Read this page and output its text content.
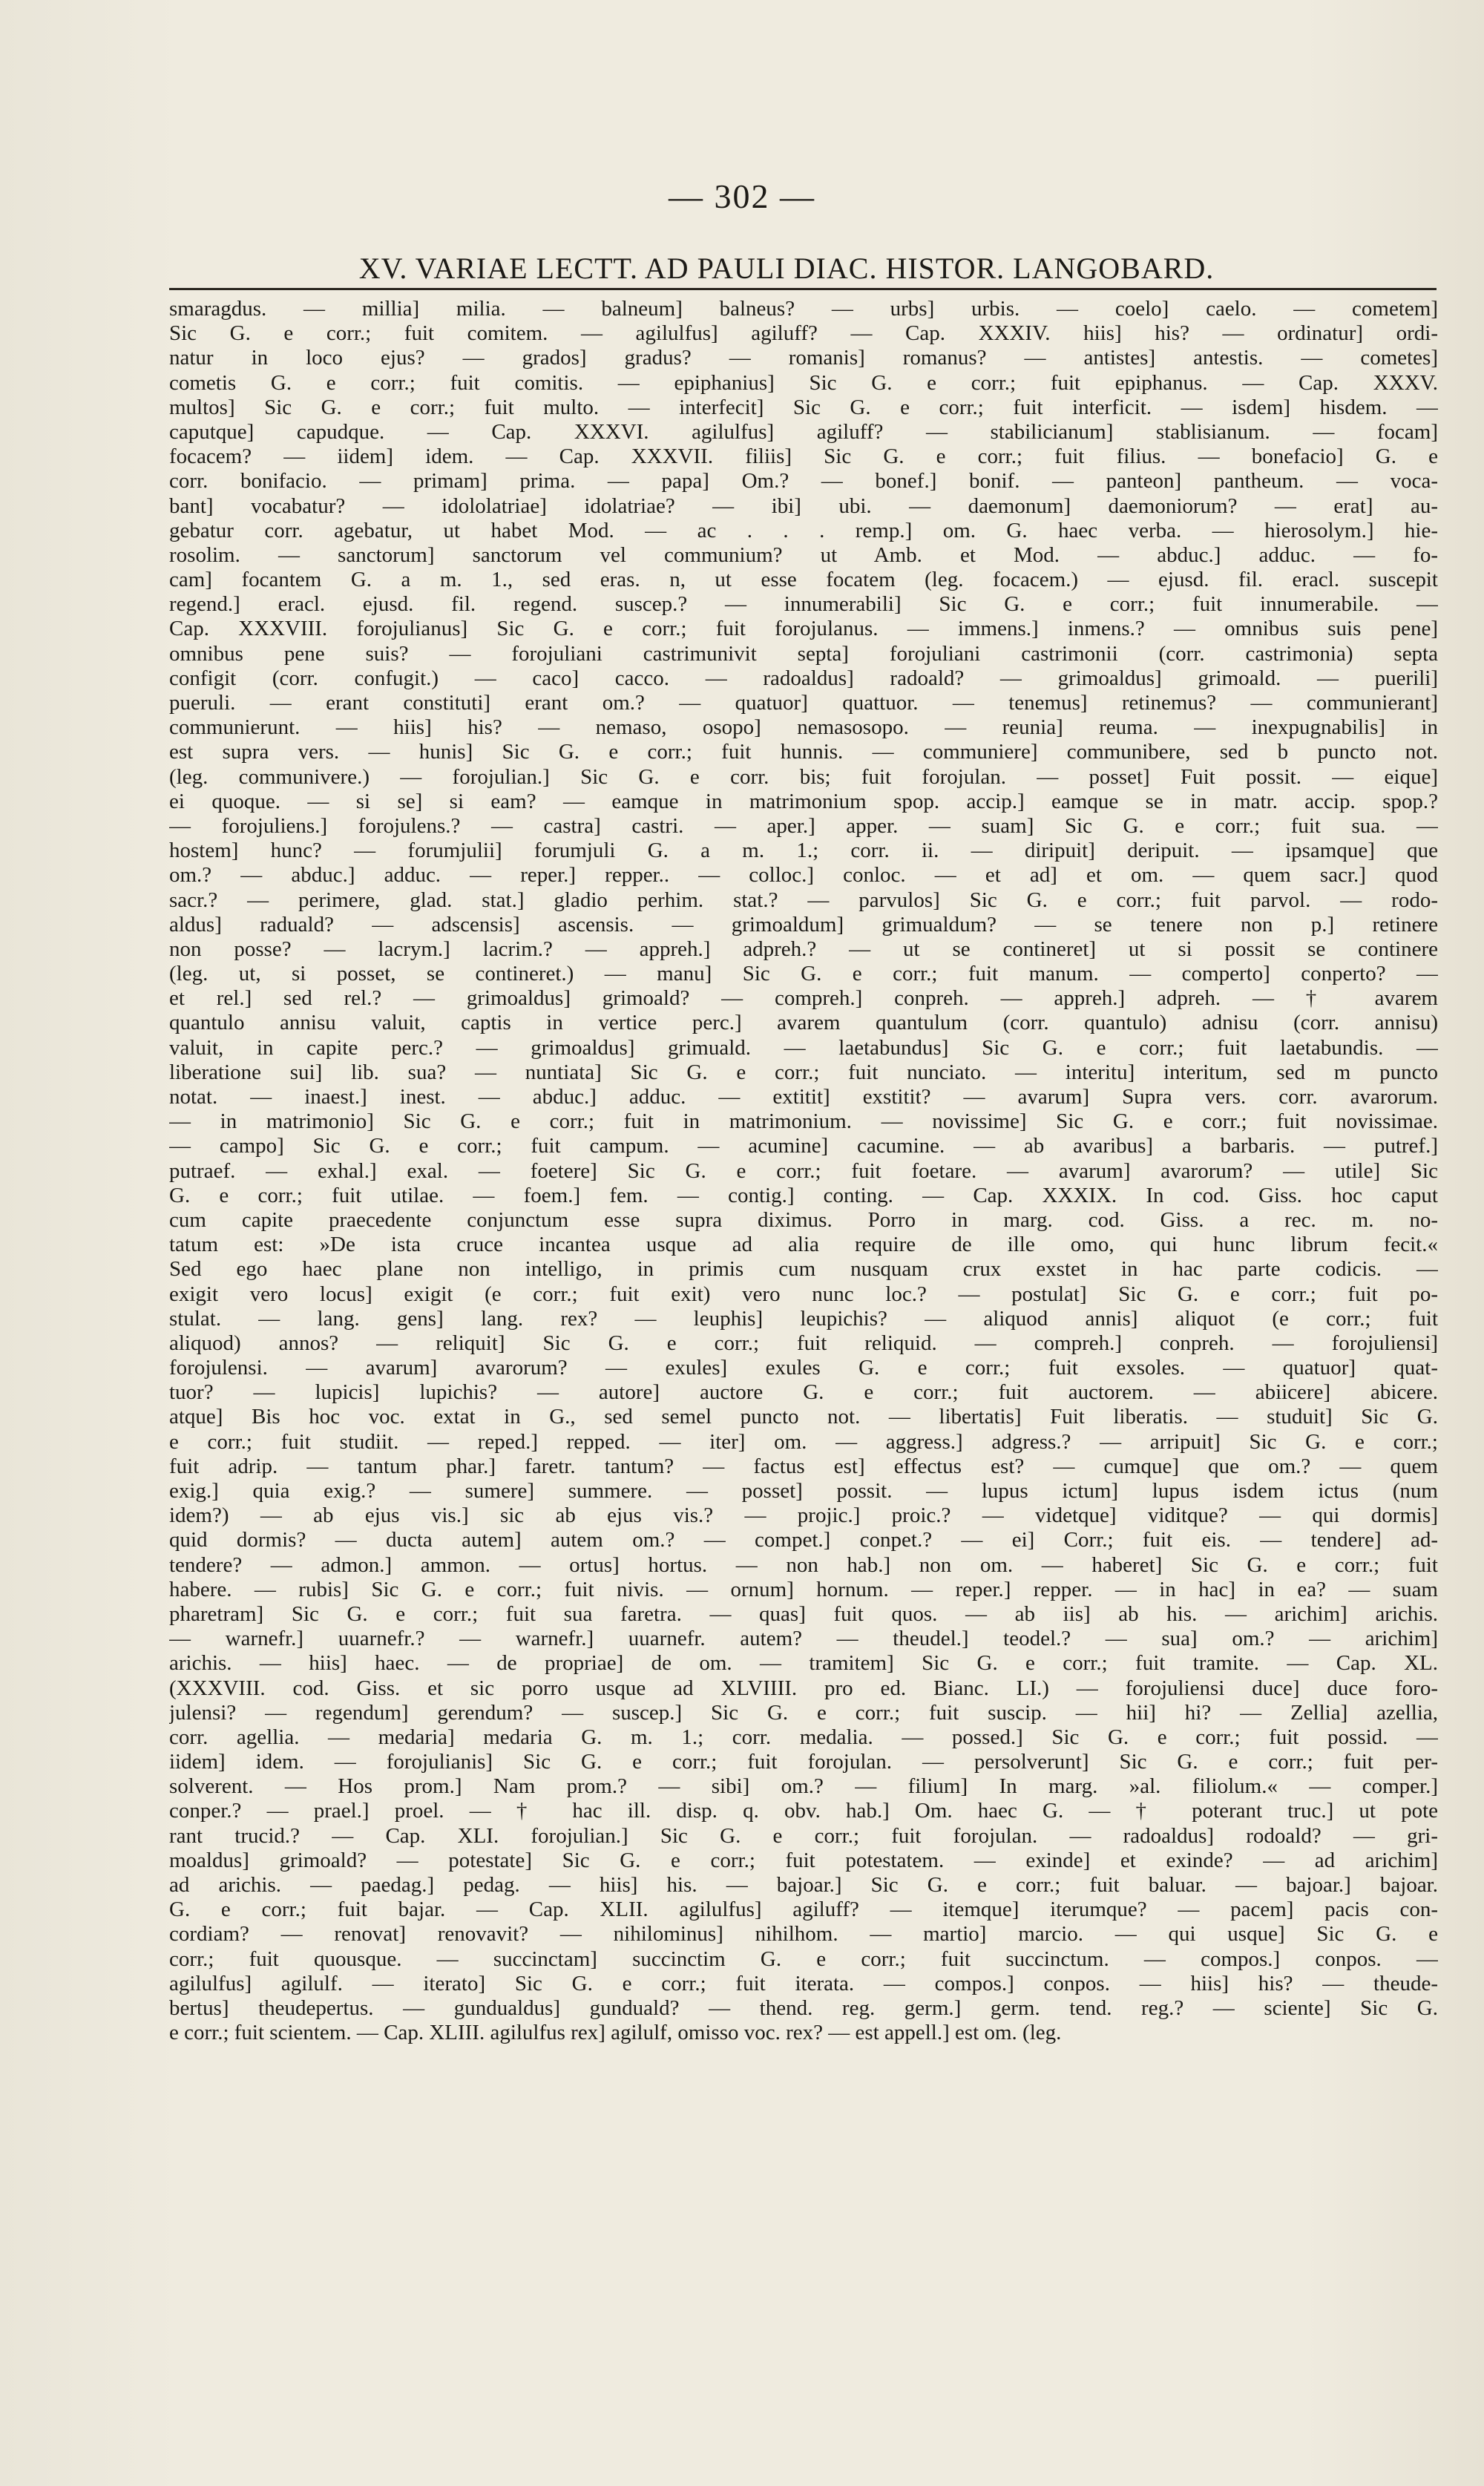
— 302 —
XV. VARIAE LECTT. AD PAULI DIAC. HISTOR. LANGOBARD.
smaragdus. — millia] milia. — balneum] balneus? — urbs] urbis. — coelo] caelo. — cometem]
Sic G. e corr.; fuit comitem. — agilulfus] agiluff? — Cap. XXXIV. hiis] his? — ordinatur] ordi-
natur in loco ejus? — grados] gradus? — romanis] romanus? — antistes] antestis. — cometes]
cometis G. e corr.; fuit comitis. — epiphanius] Sic G. e corr.; fuit epiphanus. — Cap. XXXV.
multos] Sic G. e corr.; fuit multo. — interfecit] Sic G. e corr.; fuit interficit. — isdem] hisdem. —
caputque] capudque. — Cap. XXXVI. agilulfus] agiluff? — stabilicianum] stablisianum. — focam]
focacem? — iidem] idem. — Cap. XXXVII. filiis] Sic G. e corr.; fuit filius. — bonefacio] G. e
corr. bonifacio. — primam] prima. — papa] Om.? — bonef.] bonif. — panteon] pantheum. — voca-
bant] vocabatur? — idololatriae] idolatriae? — ibi] ubi. — daemonum] daemoniorum? — erat] au-
gebatur corr. agebatur, ut habet Mod. — ac . . . remp.] om. G. haec verba. — hierosolym.] hie-
rosolim. — sanctorum] sanctorum vel communium? ut Amb. et Mod. — abduc.] adduc. — fo-
cam] focantem G. a m. 1., sed eras. n, ut esse focatem (leg. focacem.) — ejusd. fil. eracl. suscepit
regend.] eracl. ejusd. fil. regend. suscep.? — innumerabili] Sic G. e corr.; fuit innumerabile. —
Cap. XXXVIII. forojulianus] Sic G. e corr.; fuit forojulanus. — immens.] inmens.? — omnibus suis pene]
omnibus pene suis? — forojuliani castrimunivit septa] forojuliani castrimonii (corr. castrimonia) septa
configit (corr. confugit.) — caco] cacco. — radoaldus] radoald? — grimoaldus] grimoald. — puerili]
pueruli. — erant constituti] erant om.? — quatuor] quattuor. — tenemus] retinemus? — communierant]
communierunt. — hiis] his? — nemaso, osopo] nemasosopo. — reunia] reuma. — inexpugnabilis] in
est supra vers. — hunis] Sic G. e corr.; fuit hunnis. — communiere] communibere, sed b puncto not.
(leg. communivere.) — forojulian.] Sic G. e corr. bis; fuit forojulan. — posset] Fuit possit. — eique]
ei quoque. — si se] si eam? — eamque in matrimonium spop. accip.] eamque se in matr. accip. spop.?
— forojuliens.] forojulens.? — castra] castri. — aper.] apper. — suam] Sic G. e corr.; fuit sua. —
hostem] hunc? — forumjulii] forumjuli G. a m. 1.; corr. ii. — diripuit] deripuit. — ipsamque] que
om.? — abduc.] adduc. — reper.] repper.. — colloc.] conloc. — et ad] et om. — quem sacr.] quod
sacr.? — perimere, glad. stat.] gladio perhim. stat.? — parvulos] Sic G. e corr.; fuit parvol. — rodo-
aldus] raduald? — adscensis] ascensis. — grimoaldum] grimualdum? — se tenere non p.] retinere
non posse? — lacrym.] lacrim.? — appreh.] adpreh.? — ut se contineret] ut si possit se continere
(leg. ut, si posset, se contineret.) — manu] Sic G. e corr.; fuit manum. — comperto] conperto? —
et rel.] sed rel.? — grimoaldus] grimoald? — compreh.] conpreh. — appreh.] adpreh. — † avarem
quantulo annisu valuit, captis in vertice perc.] avarem quantulum (corr. quantulo) adnisu (corr. annisu)
valuit, in capite perc.? — grimoaldus] grimuald. — laetabundus] Sic G. e corr.; fuit laetabundis. —
liberatione sui] lib. sua? — nuntiata] Sic G. e corr.; fuit nunciato. — interitu] interitum, sed m puncto
notat. — inaest.] inest. — abduc.] adduc. — extitit] exstitit? — avarum] Supra vers. corr. avarorum.
— in matrimonio] Sic G. e corr.; fuit in matrimonium. — novissime] Sic G. e corr.; fuit novissimae.
— campo] Sic G. e corr.; fuit campum. — acumine] cacumine. — ab avaribus] a barbaris. — putref.]
putraef. — exhal.] exal. — foetere] Sic G. e corr.; fuit foetare. — avarum] avarorum? — utile] Sic
G. e corr.; fuit utilae. — foem.] fem. — contig.] conting. — Cap. XXXIX. In cod. Giss. hoc caput
cum capite praecedente conjunctum esse supra diximus. Porro in marg. cod. Giss. a rec. m. no-
tatum est: »De ista cruce incantea usque ad alia require de ille omo, qui hunc librum fecit.«
Sed ego haec plane non intelligo, in primis cum nusquam crux exstet in hac parte codicis. —
exigit vero locus] exigit (e corr.; fuit exit) vero nunc loc.? — postulat] Sic G. e corr.; fuit po-
stulat. — lang. gens] lang. rex? — leuphis] leupichis? — aliquod annis] aliquot (e corr.; fuit
aliquod) annos? — reliquit] Sic G. e corr.; fuit reliquid. — compreh.] conpreh. — forojuliensi]
forojulensi. — avarum] avarorum? — exules] exules G. e corr.; fuit exsoles. — quatuor] quat-
tuor? — lupicis] lupichis? — autore] auctore G. e corr.; fuit auctorem. — abiicere] abicere.
atque] Bis hoc voc. extat in G., sed semel puncto not. — libertatis] Fuit liberatis. — studuit] Sic G.
e corr.; fuit studiit. — reped.] repped. — iter] om. — aggress.] adgress.? — arripuit] Sic G. e corr.;
fuit adrip. — tantum phar.] faretr. tantum? — factus est] effectus est? — cumque] que om.? — quem
exig.] quia exig.? — sumere] summere. — posset] possit. — lupus ictum] lupus isdem ictus (num
idem?) — ab ejus vis.] sic ab ejus vis.? — projic.] proic.? — videtque] viditque? — qui dormis]
quid dormis? — ducta autem] autem om.? — compet.] conpet.? — ei] Corr.; fuit eis. — tendere] ad-
tendere? — admon.] ammon. — ortus] hortus. — non hab.] non om. — haberet] Sic G. e corr.; fuit
habere. — rubis] Sic G. e corr.; fuit nivis. — ornum] hornum. — reper.] repper. — in hac] in ea? — suam
pharetram] Sic G. e corr.; fuit sua faretra. — quas] fuit quos. — ab iis] ab his. — arichim] arichis.
— warnefr.] uuarnefr.? — warnefr.] uuarnefr. autem? — theudel.] teodel.? — sua] om.? — arichim]
arichis. — hiis] haec. — de propriae] de om. — tramitem] Sic G. e corr.; fuit tramite. — Cap. XL.
(XXXVIII. cod. Giss. et sic porro usque ad XLVIIII. pro ed. Bianc. LI.) — forojuliensi duce] duce foro-
julensi? — regendum] gerendum? — suscep.] Sic G. e corr.; fuit suscip. — hii] hi? — Zellia] azellia,
corr. agellia. — medaria] medaria G. m. 1.; corr. medalia. — possed.] Sic G. e corr.; fuit possid. —
iidem] idem. — forojulianis] Sic G. e corr.; fuit forojulan. — persolverunt] Sic G. e corr.; fuit per-
solverent. — Hos prom.] Nam prom.? — sibi] om.? — filium] In marg. »al. filiolum.« — comper.]
conper.? — prael.] proel. — † hac ill. disp. q. obv. hab.] Om. haec G. — † poterant truc.] ut pote
rant trucid.? — Cap. XLI. forojulian.] Sic G. e corr.; fuit forojulan. — radoaldus] rodoald? — gri-
moaldus] grimoald? — potestate] Sic G. e corr.; fuit potestatem. — exinde] et exinde? — ad arichim]
ad arichis. — paedag.] pedag. — hiis] his. — bajoar.] Sic G. e corr.; fuit baluar. — bajoar.] bajoar.
G. e corr.; fuit bajar. — Cap. XLII. agilulfus] agiluff? — itemque] iterumque? — pacem] pacis con-
cordiam? — renovat] renovavit? — nihilominus] nihilhom. — martio] marcio. — qui usque] Sic G. e
corr.; fuit quousque. — succinctam] succinctim G. e corr.; fuit succinctum. — compos.] conpos. —
agilulfus] agilulf. — iterato] Sic G. e corr.; fuit iterata. — compos.] conpos. — hiis] his? — theude-
bertus] theudepertus. — gundualdus] gunduald? — thend. reg. germ.] germ. tend. reg.? — sciente] Sic G.
e corr.; fuit scientem. — Cap. XLIII. agilulfus rex] agilulf, omisso voc. rex? — est appell.] est om. (leg.
